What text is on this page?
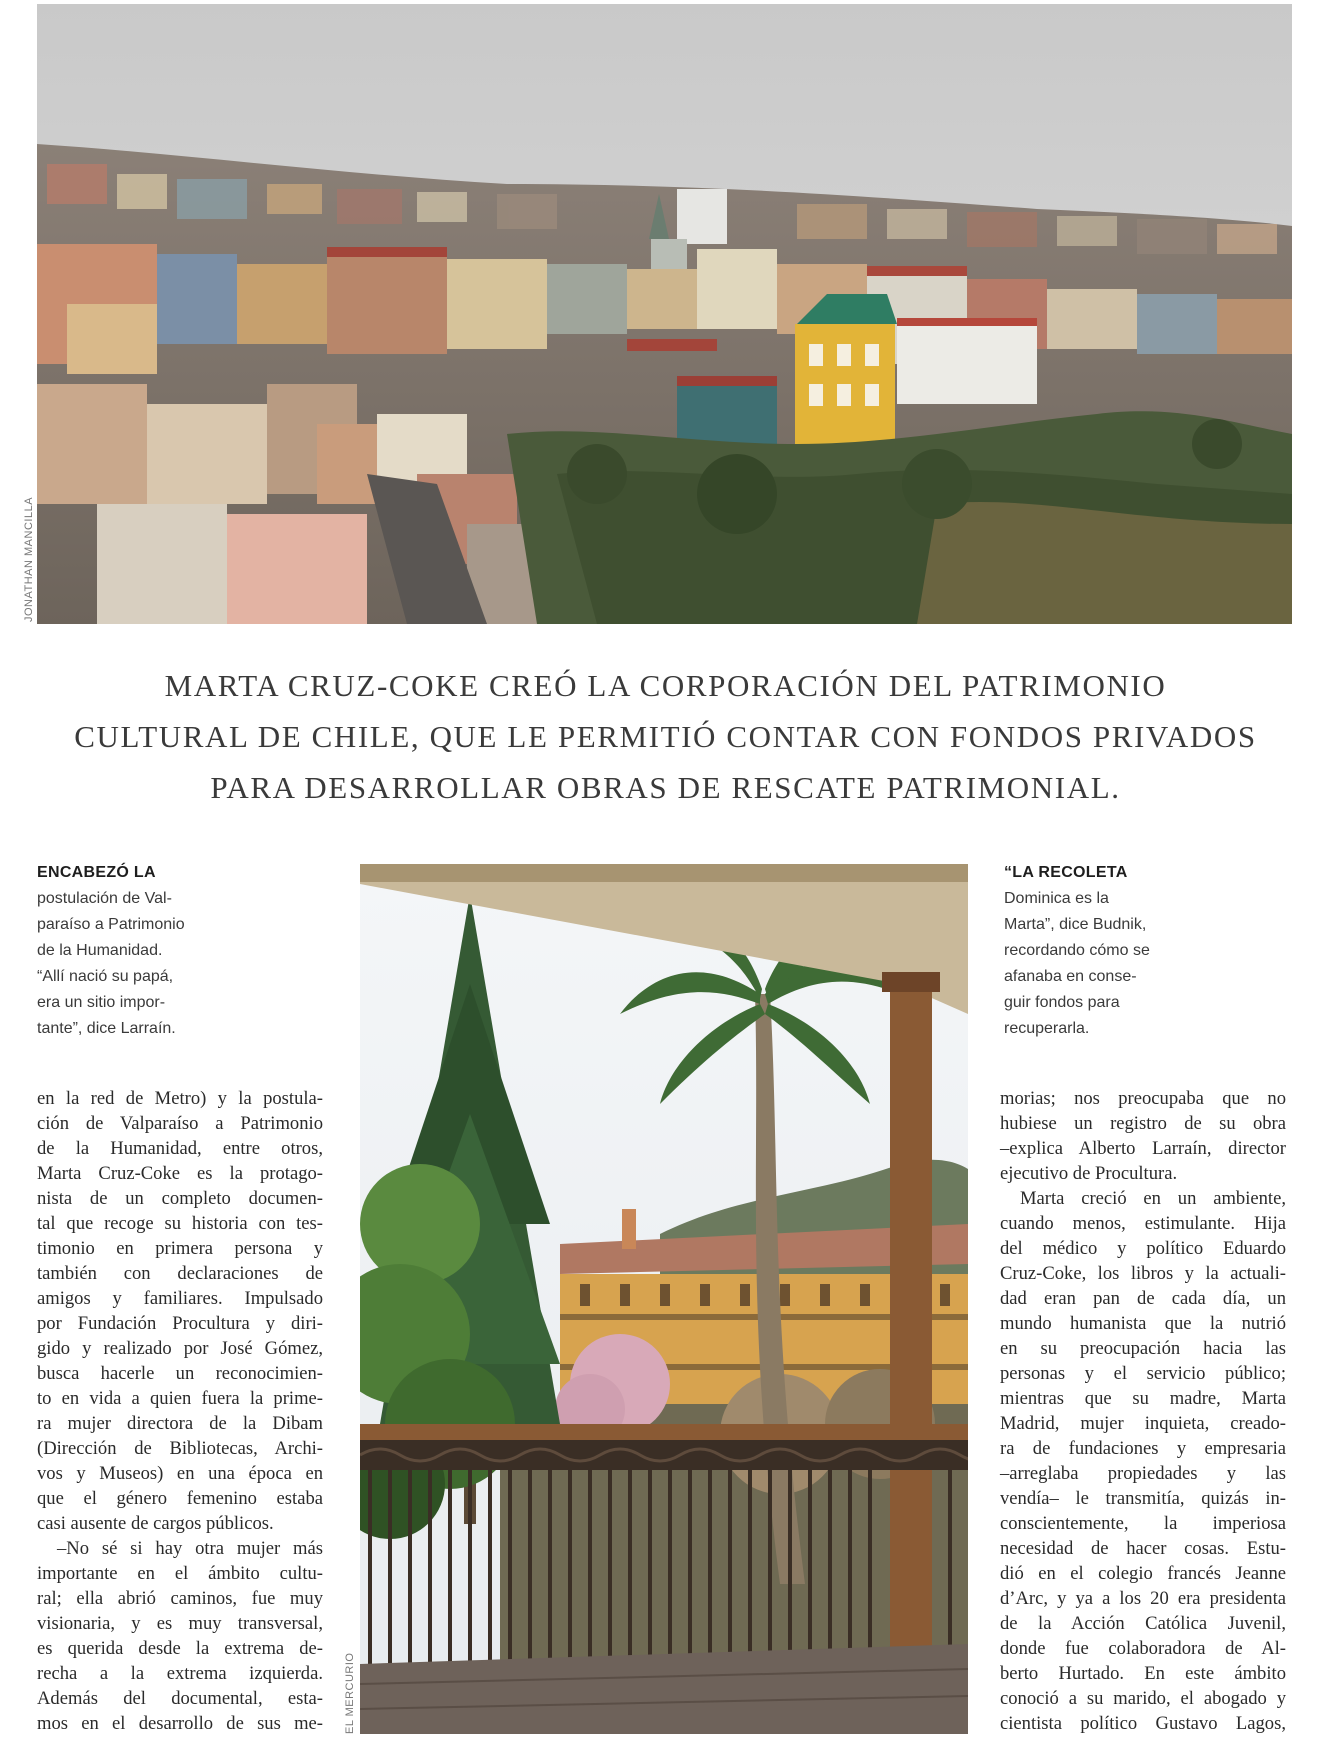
JONATHAN MANCILLA
MARTA CRUZ-COKE CREÓ LA CORPORACIÓN DEL PATRIMONIO
CULTURAL DE CHILE, QUE LE PERMITIÓ CONTAR CON FONDOS PRIVADOS
PARA DESARROLLAR OBRAS DE RESCATE PATRIMONIAL.
ENCABEZÓ LA
postulación de Val-
paraíso a Patrimonio
de la Humanidad.
“Allí nació su papá,
era un sitio impor-
tante”, dice Larraín.
“LA RECOLETA
Dominica es la
Marta”, dice Budnik,
recordando cómo se
afanaba en conse-
guir fondos para
recuperarla.
EL MERCURIO
en la red de Metro) y la postula-
ción de Valparaíso a Patrimonio
de la Humanidad, entre otros,
Marta Cruz-Coke es la protago-
nista de un completo documen-
tal que recoge su historia con tes-
timonio en primera persona y
también con declaraciones de
amigos y familiares. Impulsado
por Fundación Procultura y diri-
gido y realizado por José Gómez,
busca hacerle un reconocimien-
to en vida a quien fuera la prime-
ra mujer directora de la Dibam
(Dirección de Bibliotecas, Archi-
vos y Museos) en una época en
que el género femenino estaba
casi ausente de cargos públicos.
–No sé si hay otra mujer más
importante en el ámbito cultu-
ral; ella abrió caminos, fue muy
visionaria, y es muy transversal,
es querida desde la extrema de-
recha a la extrema izquierda.
Además del documental, esta-
mos en el desarrollo de sus me-
morias; nos preocupaba que no
hubiese un registro de su obra
–explica Alberto Larraín, director
ejecutivo de Procultura.
Marta creció en un ambiente,
cuando menos, estimulante. Hija
del médico y político Eduardo
Cruz-Coke, los libros y la actuali-
dad eran pan de cada día, un
mundo humanista que la nutrió
en su preocupación hacia las
personas y el servicio público;
mientras que su madre, Marta
Madrid, mujer inquieta, creado-
ra de fundaciones y empresaria
–arreglaba propiedades y las
vendía– le transmitía, quizás in-
conscientemente, la imperiosa
necesidad de hacer cosas. Estu-
dió en el colegio francés Jeanne
d’Arc, y ya a los 20 era presidenta
de la Acción Católica Juvenil,
donde fue colaboradora de Al-
berto Hurtado. En este ámbito
conoció a su marido, el abogado y
cientista político Gustavo Lagos,
